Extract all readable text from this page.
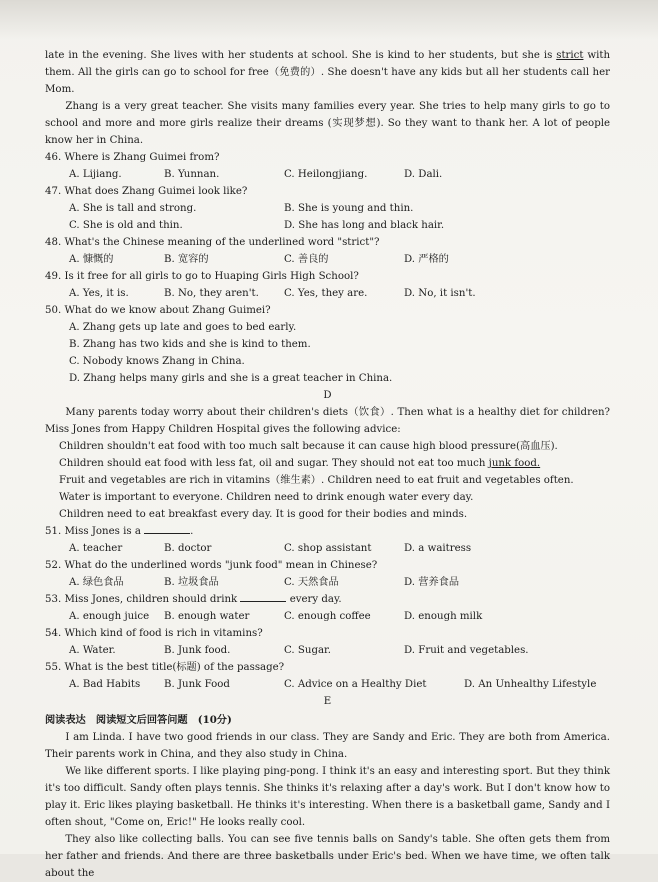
late in the evening. She lives with her students at school. She is kind to her students, but she is strict with them. All the girls can go to school for free（免费的）. She doesn't have any kids but all her students call her Mom.

Zhang is a very great teacher. She visits many families every year. She tries to help many girls to go to school and more and more girls realize their dreams (实现梦想). So they want to thank her. A lot of people know her in China.

46. Where is Zhang Guimei from?
A. Lijiang.	B. Yunnan.	C. Heilongjiang.	D. Dali.
47. What does Zhang Guimei look like?
A. She is tall and strong.	B. She is young and thin.
C. She is old and thin.	D. She has long and black hair.
48. What's the Chinese meaning of the underlined word "strict"?
A. 慷慨的	B. 宽容的	C. 善良的	D. 严格的
49. Is it free for all girls to go to Huaping Girls High School?
A. Yes, it is.	B. No, they aren't.	C. Yes, they are.	D. No, it isn't.
50. What do we know about Zhang Guimei?
A. Zhang gets up late and goes to bed early.
B. Zhang has two kids and she is kind to them.
C. Nobody knows Zhang in China.
D. Zhang helps many girls and she is a great teacher in China.
D

Many parents today worry about their children's diets（饮食）. Then what is a healthy diet for children? Miss Jones from Happy Children Hospital gives the following advice:

Children shouldn't eat food with too much salt because it can cause high blood pressure(高血压).
Children should eat food with less fat, oil and sugar. They should not eat too much junk food.
Fruit and vegetables are rich in vitamins（维生素）. Children need to eat fruit and vegetables often.
Water is important to everyone. Children need to drink enough water every day.
Children need to eat breakfast every day. It is good for their bodies and minds.
51. Miss Jones is a	.
A. teacher	B. doctor	C. shop assistant	D. a waitress
52. What do the underlined words "junk food" mean in Chinese?
A. 绿色食品	B. 垃圾食品	C. 天然食品	D. 营养食品
53. Miss Jones, children should drink	every day.
A. enough juice	B. enough water	C. enough coffee	D. enough milk
54. Which kind of food is rich in vitamins?
A. Water.	B. Junk food.	C. Sugar.	D. Fruit and vegetables.
55. What is the best title(标题) of the passage?
A. Bad Habits	B. Junk Food	C. Advice on a Healthy Diet	D. An Unhealthy Lifestyle
E
阅读表达　阅读短文后回答问题　(10分)

I am Linda. I have two good friends in our class. They are Sandy and Eric. They are both from America. Their parents work in China, and they also study in China.

We like different sports. I like playing ping-pong. I think it's an easy and interesting sport. But they think it's too difficult. Sandy often plays tennis. She thinks it's relaxing after a day's work. But I don't know how to play it. Eric likes playing basketball. He thinks it's interesting. When there is a basketball game, Sandy and I often shout, "Come on, Eric!" He looks really cool.

They also like collecting balls. You can see five tennis balls on Sandy's table. She often gets them from her father and friends. And there are three basketballs under Eric's bed. When we have time, we often talk about the
